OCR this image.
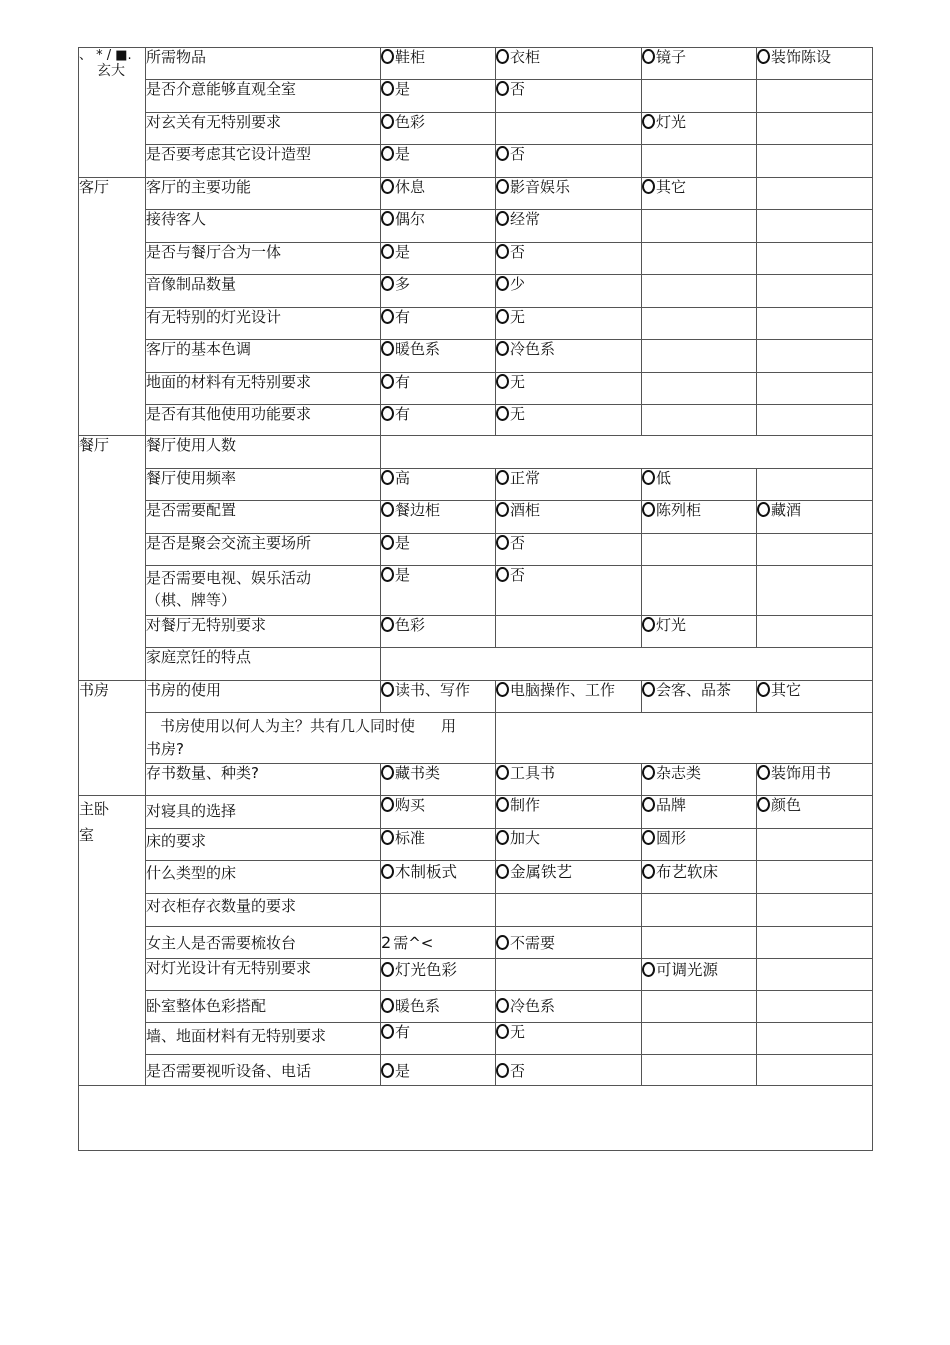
、 * / ■.
玄大	所需物品	鞋柜	衣柜	镜子	装饰陈设
	是否介意能够直观全室	是	否		
	对玄关有无特别要求	色彩		灯光	
	是否要考虑其它设计造型	是	否		
客厅	客厅的主要功能	休息	影音娱乐	其它	
	接待客人	偶尔	经常		
	是否与餐厅合为一体	是	否		
	音像制品数量	多	少		
	有无特别的灯光设计	有	无		
	客厅的基本色调	暖色系	冷色系		
	地面的材料有无特别要求	有	无		
	是否有其他使用功能要求	有	无		
餐厅	餐厅使用人数				
	餐厅使用频率	高	正常	低	
	是否需要配置	餐边柜	酒柜	陈列柜	藏酒
	是否是聚会交流主要场所	是	否		

	是否需要电视、娱乐活动
（棋、牌等）	是	否		
	对餐厅无特别要求	色彩		灯光	
	家庭烹饪的特点				
书房	书房的使用	读书、写作	电脑操作、工作	会客、品茶	其它

	书房使用以何人为主？共有几人同时使 用
书房?				

	存书数量、种类?	藏书类	工具书	杂志类	装饰用书

主卧室	对寝具的选择	购买	制作	品牌	颜色
	床的要求	标准	加大	圆形	
	什么类型的床	木制板式	金属铁艺	布艺软床	
	对衣柜存衣数量的要求				
	女主人是否需要梳妆台	2 需^<	不需要		
	对灯光设计有无特别要求	灯光色彩		可调光源	
	卧室整体色彩搭配	暖色系	冷色系		
	墙、地面材料有无特别要求	有	无		
	是否需要视听设备、电话	是	否		
